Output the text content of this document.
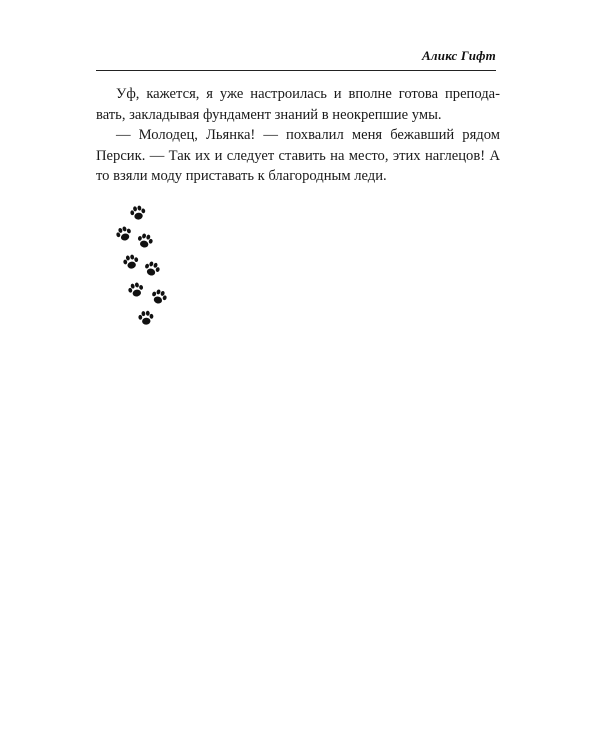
Аликс Гифт

Уф, кажется, я уже настроилась и вполне готова препода-вать, закладывая фундамент знаний в неокрепшие умы.

— Молодец, Льянка! — похвалил меня бежавший рядом Персик. — Так их и следует ставить на место, этих наглецов! А то взяли моду приставать к благородным леди.
